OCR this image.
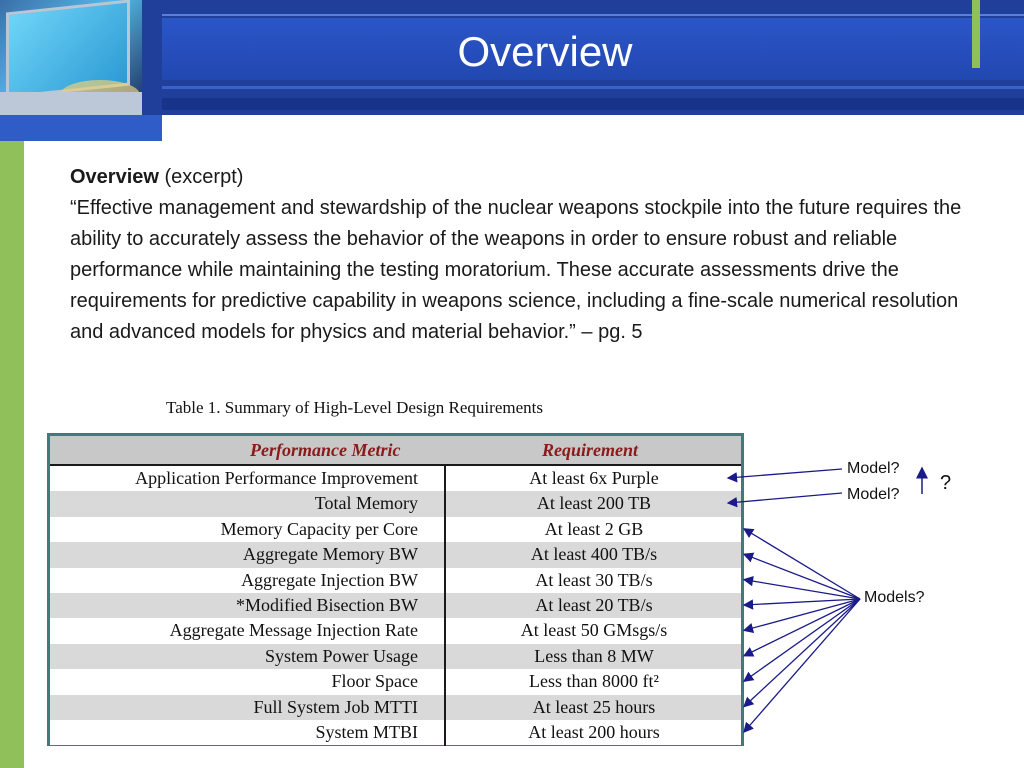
Overview
Overview (excerpt)
“Effective management and stewardship of the nuclear weapons stockpile into the future requires the ability to accurately assess the behavior of the weapons in order to ensure robust and reliable performance while maintaining the testing moratorium. These accurate assessments drive the requirements for predictive capability in weapons science, including a fine-scale numerical resolution and advanced models for physics and material behavior.” – pg. 5
Table 1. Summary of High-Level Design Requirements
Performance Metric	Requirement
Application Performance Improvement	At least 6x Purple
Total Memory	At least 200 TB
Memory Capacity per Core	At least 2 GB
Aggregate Memory BW	At least 400 TB/s
Aggregate Injection BW	At least 30 TB/s
*Modified Bisection BW	At least 20 TB/s
Aggregate Message Injection Rate	At least 50 GMsgs/s
System Power Usage	Less than 8 MW
Floor Space	Less than 8000 ft²
Full System Job MTTI	At least 25 hours
System MTBI	At least 200 hours
Model?
Model?
?
Models?
